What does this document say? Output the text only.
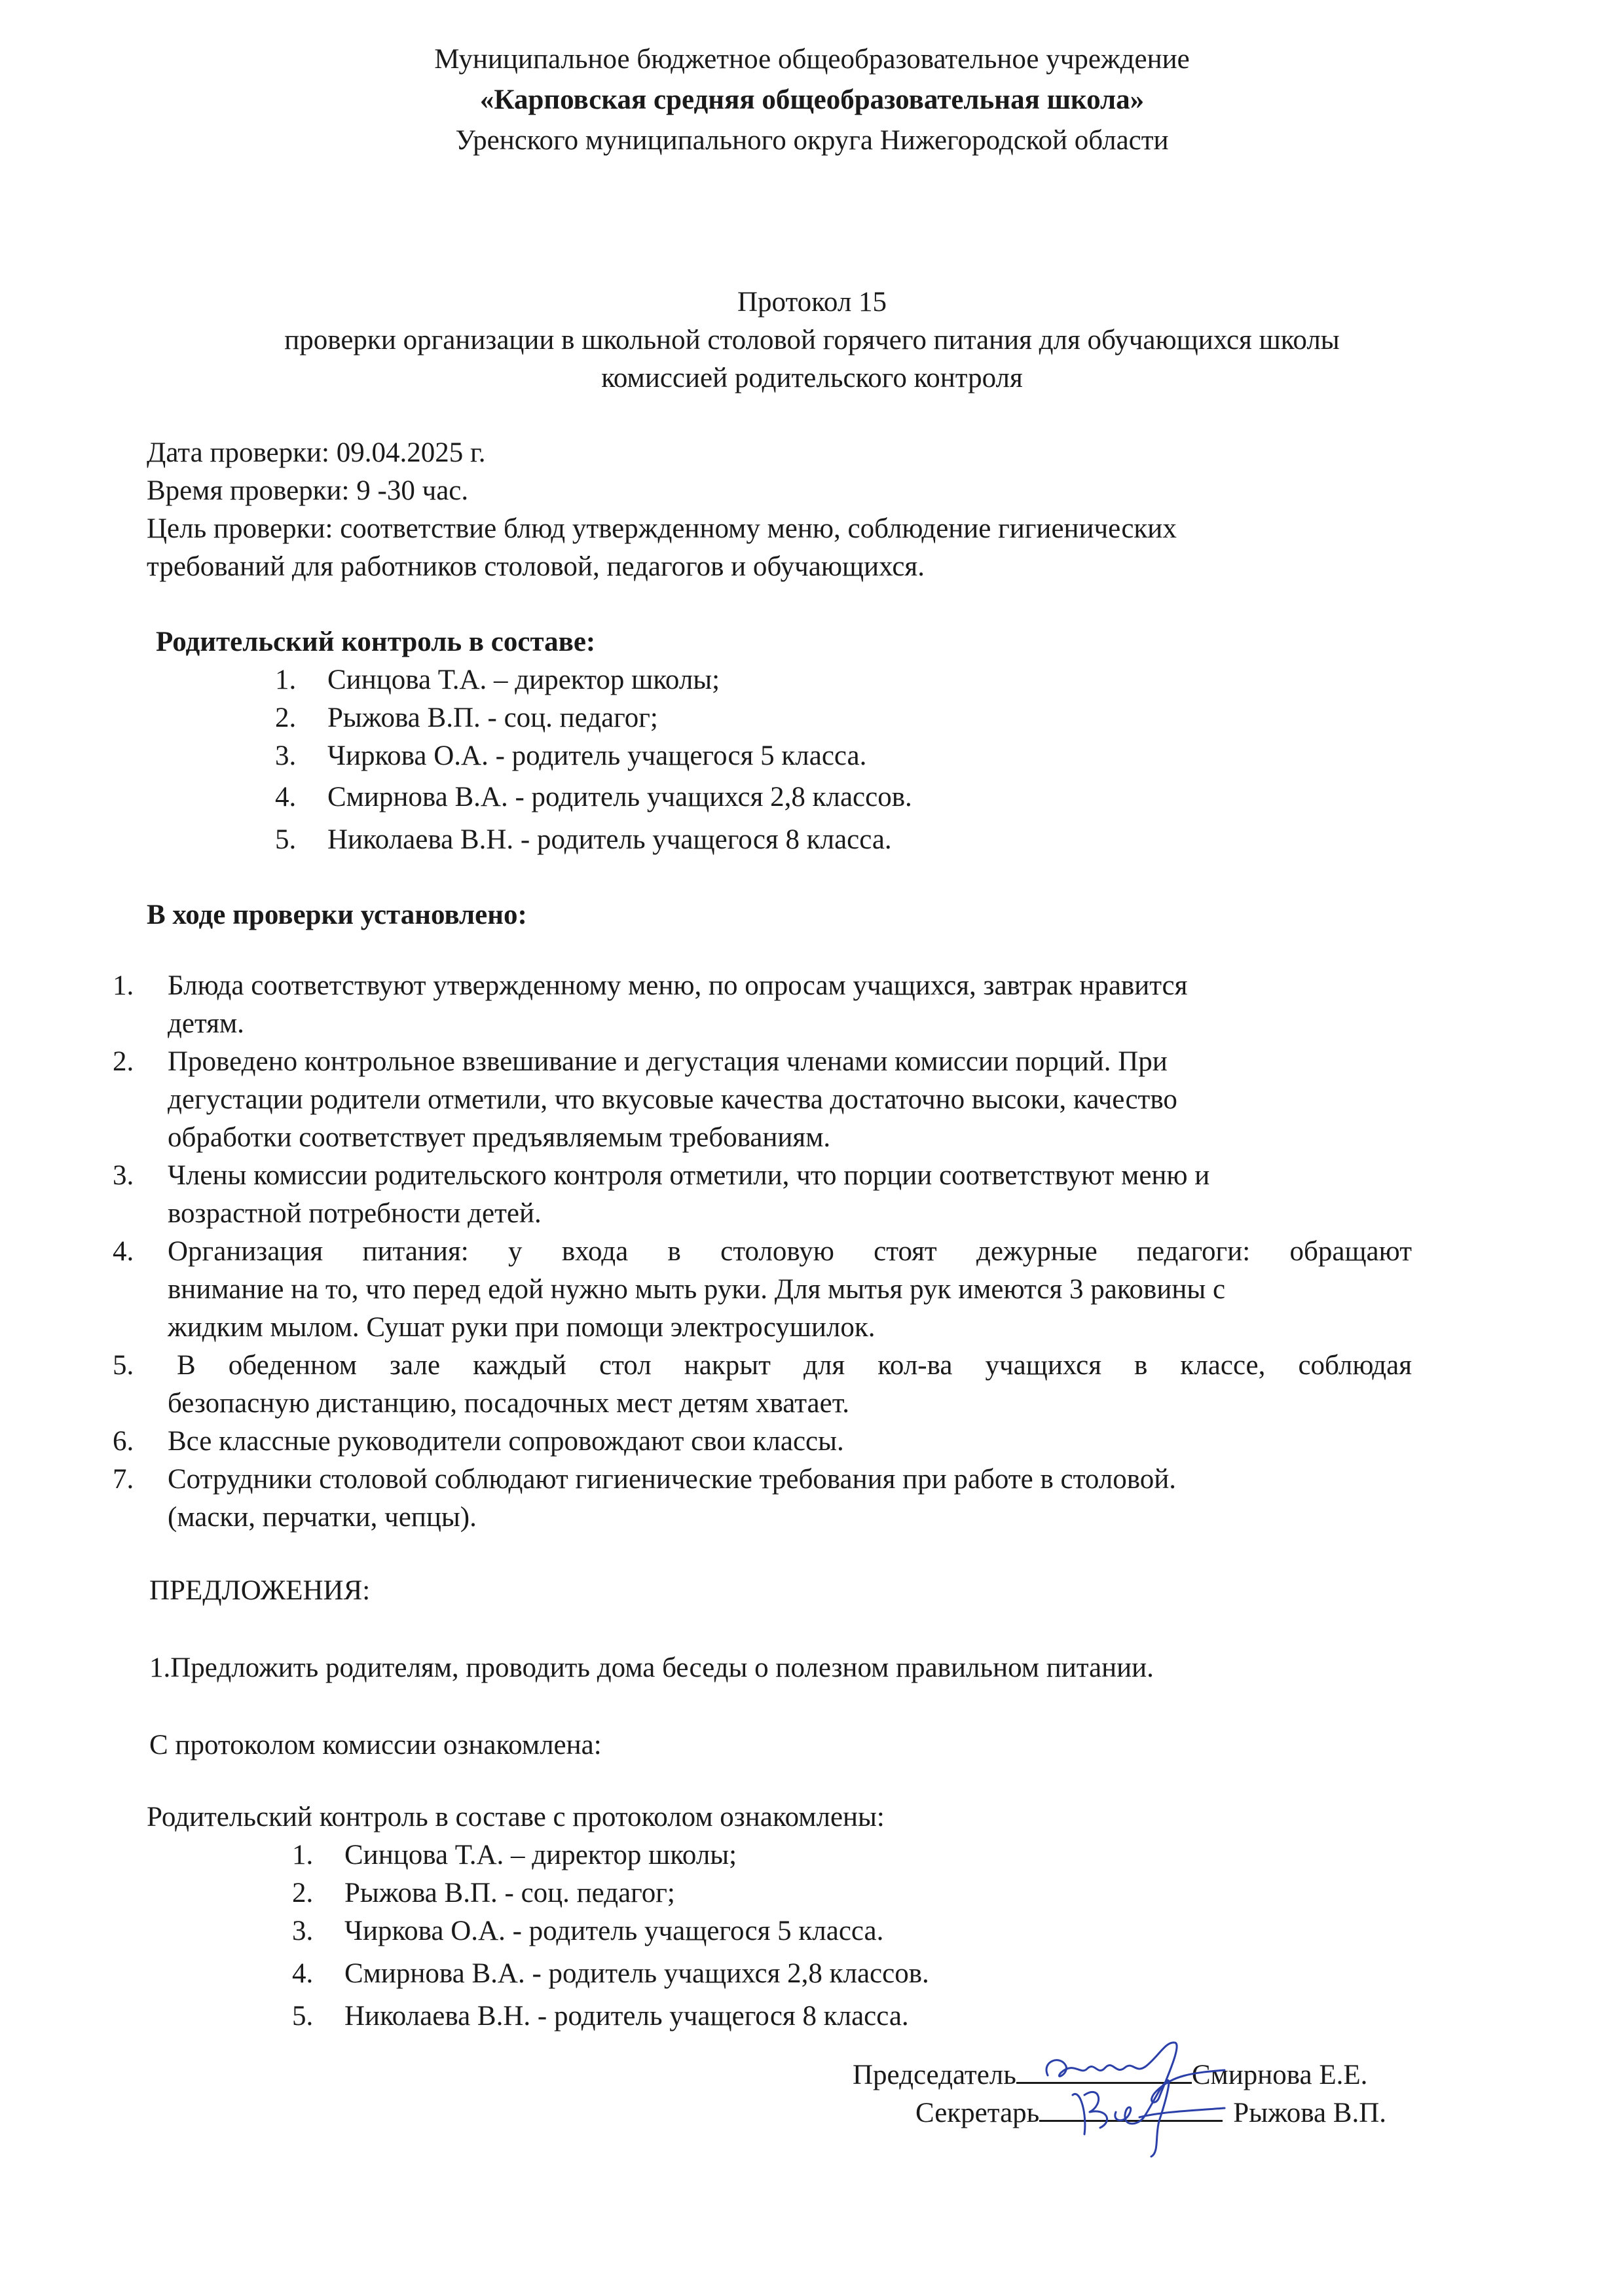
Муниципальное бюджетное общеобразовательное учреждение
«Карповская средняя общеобразовательная школа»
Уренского муниципального округа Нижегородской области
Протокол 15
проверки организации в школьной столовой горячего питания для обучающихся школы
комиссией родительского контроля
Дата проверки: 09.04.2025 г.
Время проверки: 9 -30 час.
Цель проверки: соответствие блюд утвержденному меню, соблюдение гигиенических
требований для работников столовой, педагогов и обучающихся.
Родительский контроль в составе:
1. Синцова Т.А. – директор школы;
2. Рыжова В.П. - соц. педагог;
3. Чиркова О.А. - родитель учащегося 5 класса.
4. Смирнова В.А. - родитель учащихся 2,8 классов.
5. Николаева В.Н. - родитель учащегося 8 класса.
В ходе проверки установлено:
1. Блюда соответствуют утвержденному меню, по опросам учащихся, завтрак нравится
детям.
2. Проведено контрольное взвешивание и дегустация членами комиссии порций. При
дегустации родители отметили, что вкусовые качества достаточно высоки, качество
обработки соответствует предъявляемым требованиям.
3. Члены комиссии родительского контроля отметили, что порции соответствуют меню и
возрастной потребности детей.
4. Организация питания: у входа в столовую стоят дежурные педагоги: обращают
внимание на то, что перед едой нужно мыть руки. Для мытья рук имеются 3 раковины с
жидким мылом. Сушат руки при помощи электросушилок.
5. В обеденном зале каждый стол накрыт для кол-ва учащихся в классе, соблюдая
безопасную дистанцию, посадочных мест детям хватает.
6. Все классные руководители сопровождают свои классы.
7. Сотрудники столовой соблюдают гигиенические требования при работе в столовой.
(маски, перчатки, чепцы).
ПРЕДЛОЖЕНИЯ:
1.Предложить родителям, проводить дома беседы о полезном правильном питании.
С протоколом комиссии ознакомлена:
Родительский контроль в составе с протоколом ознакомлены:
1. Синцова Т.А. – директор школы;
2. Рыжова В.П. - соц. педагог;
3. Чиркова О.А. - родитель учащегося 5 класса.
4. Смирнова В.А. - родитель учащихся 2,8 классов.
5. Николаева В.Н. - родитель учащегося 8 класса.
Председатель	Смирнова Е.Е.
Секретарь	Рыжова В.П.
